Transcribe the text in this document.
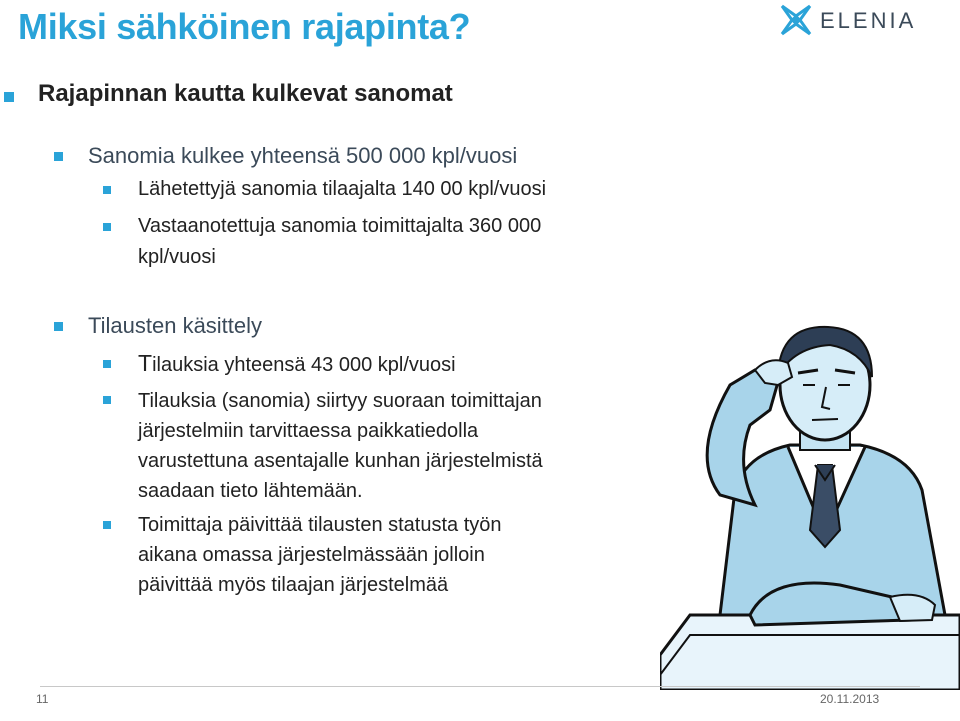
Miksi sähköinen rajapinta?	ELENIA
Rajapinnan kautta kulkevat sanomat
Sanomia kulkee yhteensä 500 000 kpl/vuosi
Lähetettyjä sanomia tilaajalta 140 00 kpl/vuosi
Vastaanotettuja sanomia toimittajalta 360 000
kpl/vuosi
Tilausten käsittely
Tilauksia yhteensä 43 000 kpl/vuosi
Tilauksia (sanomia) siirtyy suoraan toimittajan
järjestelmiin tarvittaessa paikkatiedolla
varustettuna asentajalle kunhan järjestelmistä
saadaan tieto lähtemään.
Toimittaja päivittää tilausten statusta työn
aikana omassa järjestelmässään jolloin
päivittää myös tilaajan järjestelmää
11	20.11.2013
